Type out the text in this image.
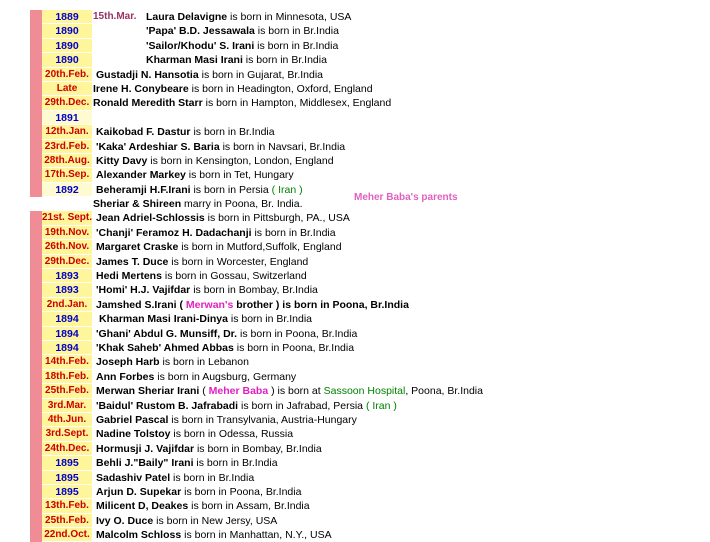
1889	15th.Mar. Laura Delavigne is born in Minnesota, USA
1890	'Papa' B.D. Jessawala is born in Br.India
1890	'Sailor/Khodu' S. Irani is born in Br.India
1890	Kharman Masi Irani is born in Br.India
20th.Feb. Gustadji N. Hansotia is born in Gujarat, Br.India
Late	Irene H. Conybeare is born in Headington, Oxford, England
29th.Dec. Ronald Meredith Starr is born in Hampton, Middlesex, England
1891
12th.Jan. Kaikobad F. Dastur is born in Br.India
23rd.Feb. 'Kaka' Ardeshiar S. Baria is born in Navsari, Br.India
28th.Aug. Kitty Davy is born in Kensington, London, England
17th.Sep. Alexander Markey is born in Tet, Hungary
1892	Beheramji H.F.Irani is born in Persia ( Iran )
Sheriar & Shireen marry in Poona, Br. India.
21st. Sept. Jean Adriel-Schlossis is born in Pittsburgh, PA., USA
19th.Nov. 'Chanji' Feramoz H. Dadachanji is born in Br.India
26th.Nov. Margaret Craske is born in Mutford,Suffolk, England
29th.Dec. James T. Duce is born in Worcester, England
1893	Hedi Mertens is born in Gossau, Switzerland
1893	'Homi' H.J. Vajifdar is born in Bombay, Br.India
2nd.Jan. Jamshed S.Irani ( Merwan's brother ) is born in Poona, Br.India
1894	Kharman Masi Irani-Dinya is born in Br.India
1894	'Ghani' Abdul G. Munsiff, Dr. is born in Poona, Br.India
1894	'Khak Saheb' Ahmed Abbas is born in Poona, Br.India
14th.Feb. Joseph Harb is born in Lebanon
18th.Feb. Ann Forbes is born in Augsburg, Germany
25th.Feb. Merwan Sheriar Irani ( Meher Baba ) is born at Sassoon Hospital, Poona, Br.India
3rd.Mar. 'Baidul' Rustom B. Jafrabadi is born in Jafrabad, Persia ( Iran )
4th.Jun. Gabriel Pascal is born in Transylvania, Austria-Hungary
3rd.Sept. Nadine Tolstoy is born in Odessa, Russia
24th.Dec. Hormusji J. Vajifdar is born in Bombay, Br.India
1895	Behli J."Baily" Irani is born in Br.India
1895	Sadashiv Patel is born in Br.India
1895	Arjun D. Supekar is born in Poona, Br.India
13th.Feb. Milicent D, Deakes is born in Assam, Br.India
25th.Feb. Ivy O. Duce is born in New Jersy, USA
22nd.Oct. Malcolm Schloss is born in Manhattan, N.Y., USA
Meher Baba's parents
